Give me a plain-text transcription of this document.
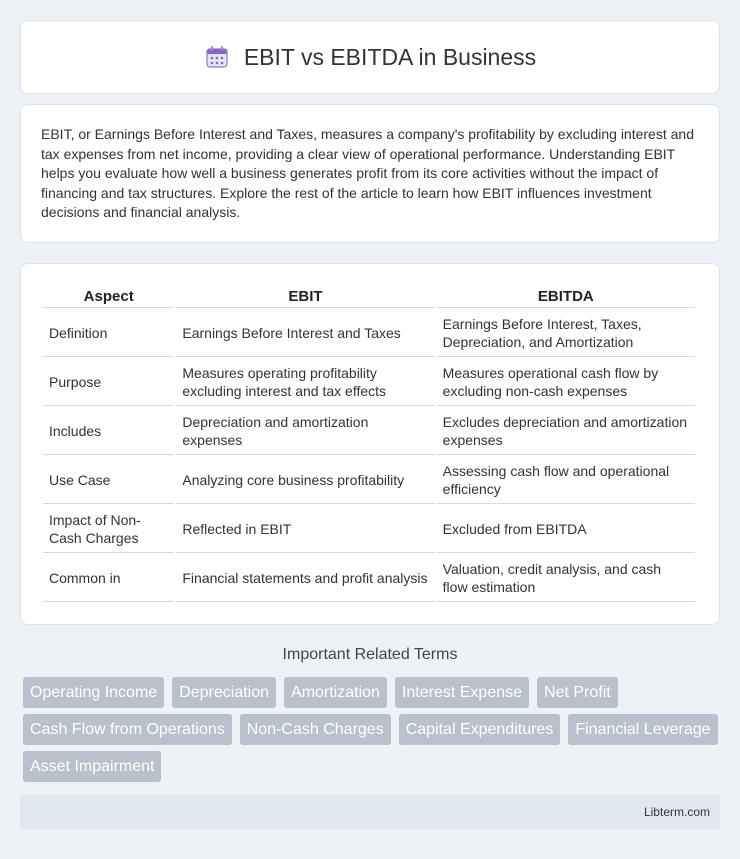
EBIT vs EBITDA in Business

EBIT, or Earnings Before Interest and Taxes, measures a company's profitability by excluding interest and tax expenses from net income, providing a clear view of operational performance. Understanding EBIT helps you evaluate how well a business generates profit from its core activities without the impact of financing and tax structures. Explore the rest of the article to learn how EBIT influences investment decisions and financial analysis.

Aspect	EBIT	EBITDA
Definition	Earnings Before Interest and Taxes	Earnings Before Interest, Taxes, Depreciation, and Amortization
Purpose	Measures operating profitability excluding interest and tax effects	Measures operational cash flow by excluding non-cash expenses
Includes	Depreciation and amortization expenses	Excludes depreciation and amortization expenses
Use Case	Analyzing core business profitability	Assessing cash flow and operational efficiency
Impact of Non-Cash Charges	Reflected in EBIT	Excluded from EBITDA
Common in	Financial statements and profit analysis	Valuation, credit analysis, and cash flow estimation
Important Related Terms
Operating Income	Depreciation	Amortization	Interest Expense	Net Profit
Cash Flow from Operations	Non-Cash Charges	Capital Expenditures	Financial Leverage
Asset Impairment
Libterm.com
